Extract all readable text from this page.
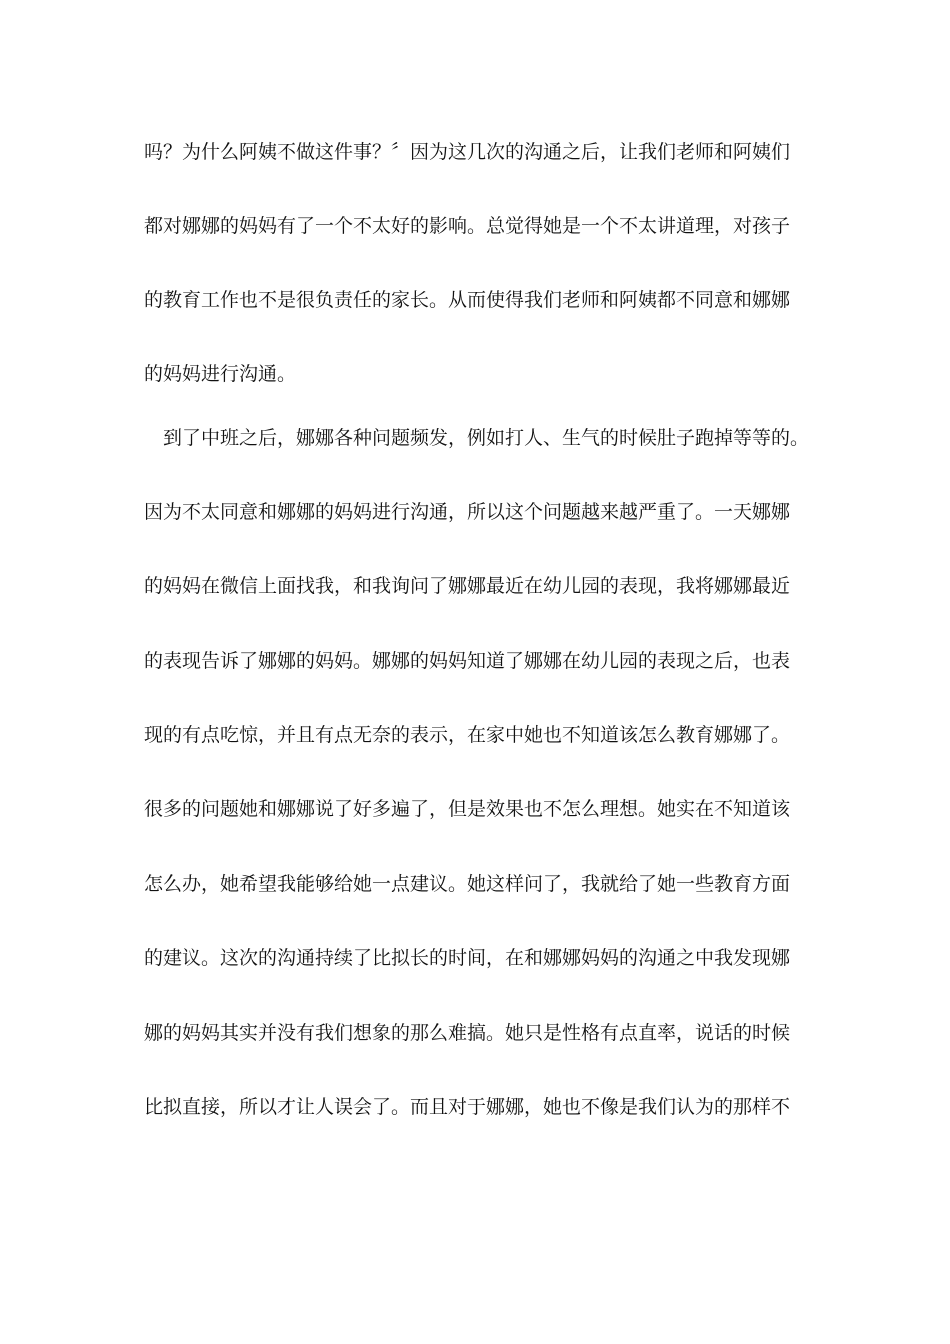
吗？为什么阿姨不做这件事？〞因为这几次的沟通之后，让我们老师和阿姨们
都对娜娜的妈妈有了一个不太好的影响。总觉得她是一个不太讲道理，对孩子
的教育工作也不是很负责任的家长。从而使得我们老师和阿姨都不同意和娜娜
的妈妈进行沟通。
到了中班之后，娜娜各种问题频发，例如打人、生气的时候肚子跑掉等等的。
因为不太同意和娜娜的妈妈进行沟通，所以这个问题越来越严重了。一天娜娜
的妈妈在微信上面找我，和我询问了娜娜最近在幼儿园的表现，我将娜娜最近
的表现告诉了娜娜的妈妈。娜娜的妈妈知道了娜娜在幼儿园的表现之后，也表
现的有点吃惊，并且有点无奈的表示，在家中她也不知道该怎么教育娜娜了。
很多的问题她和娜娜说了好多遍了，但是效果也不怎么理想。她实在不知道该
怎么办，她希望我能够给她一点建议。她这样问了，我就给了她一些教育方面
的建议。这次的沟通持续了比拟长的时间，在和娜娜妈妈的沟通之中我发现娜
娜的妈妈其实并没有我们想象的那么难搞。她只是性格有点直率，说话的时候
比拟直接，所以才让人误会了。而且对于娜娜，她也不像是我们认为的那样不
